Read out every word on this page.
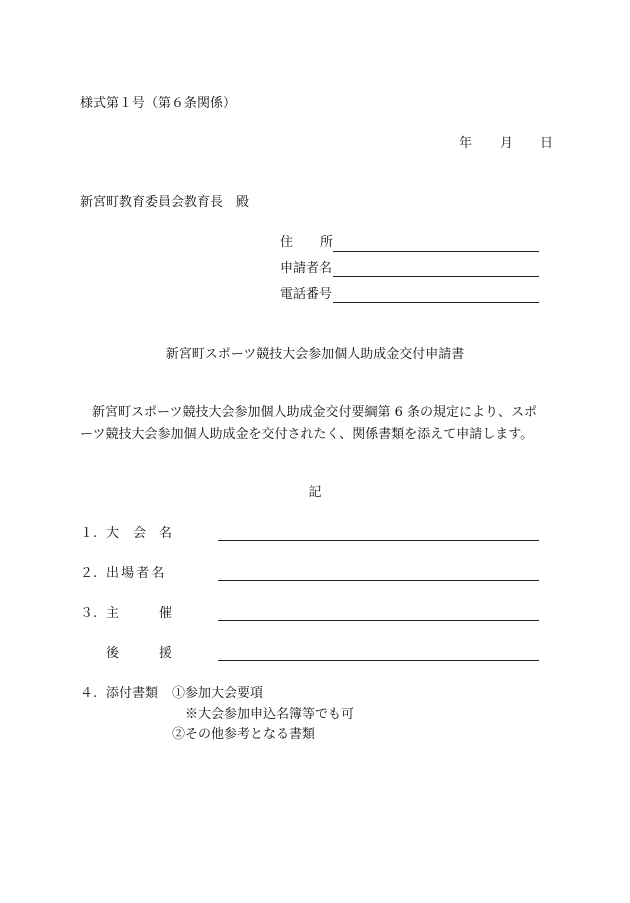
様式第１号（第６条関係）
年 月 日
新宮町教育委員会教育長　殿
住 所
申請者名
電話番号
新宮町スポーツ競技大会参加個人助成金交付申請書
新宮町スポーツ競技大会参加個人助成金交付要綱第 6 条の規定により、スポ
ーツ競技大会参加個人助成金を交付されたく、関係書類を添えて申請します。
記
１. 大 会 名
２. 出 場 者 名
３. 主	催
後	援
４. 添付書類 ①参加大会要項
※大会参加申込名簿等でも可
②その他参考となる書類
